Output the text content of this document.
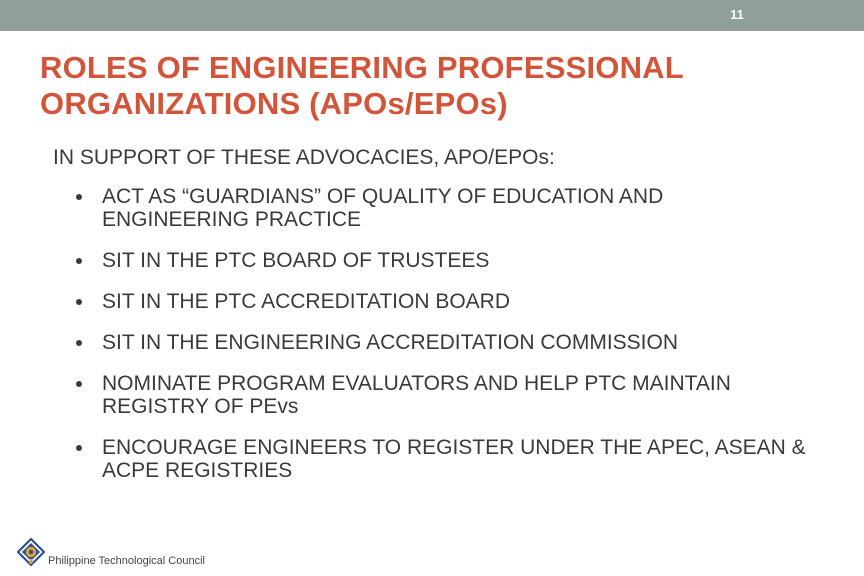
11
ROLES OF ENGINEERING PROFESSIONAL ORGANIZATIONS (APOs/EPOs)
IN SUPPORT OF THESE ADVOCACIES, APO/EPOs:
ACT AS “GUARDIANS” OF QUALITY OF EDUCATION AND ENGINEERING PRACTICE
SIT IN THE PTC BOARD OF TRUSTEES
SIT IN THE PTC ACCREDITATION BOARD
SIT IN THE ENGINEERING ACCREDITATION COMMISSION
NOMINATE PROGRAM EVALUATORS AND HELP PTC MAINTAIN REGISTRY OF PEvs
ENCOURAGE ENGINEERS TO REGISTER UNDER THE APEC, ASEAN & ACPE REGISTRIES
Philippine Technological Council
